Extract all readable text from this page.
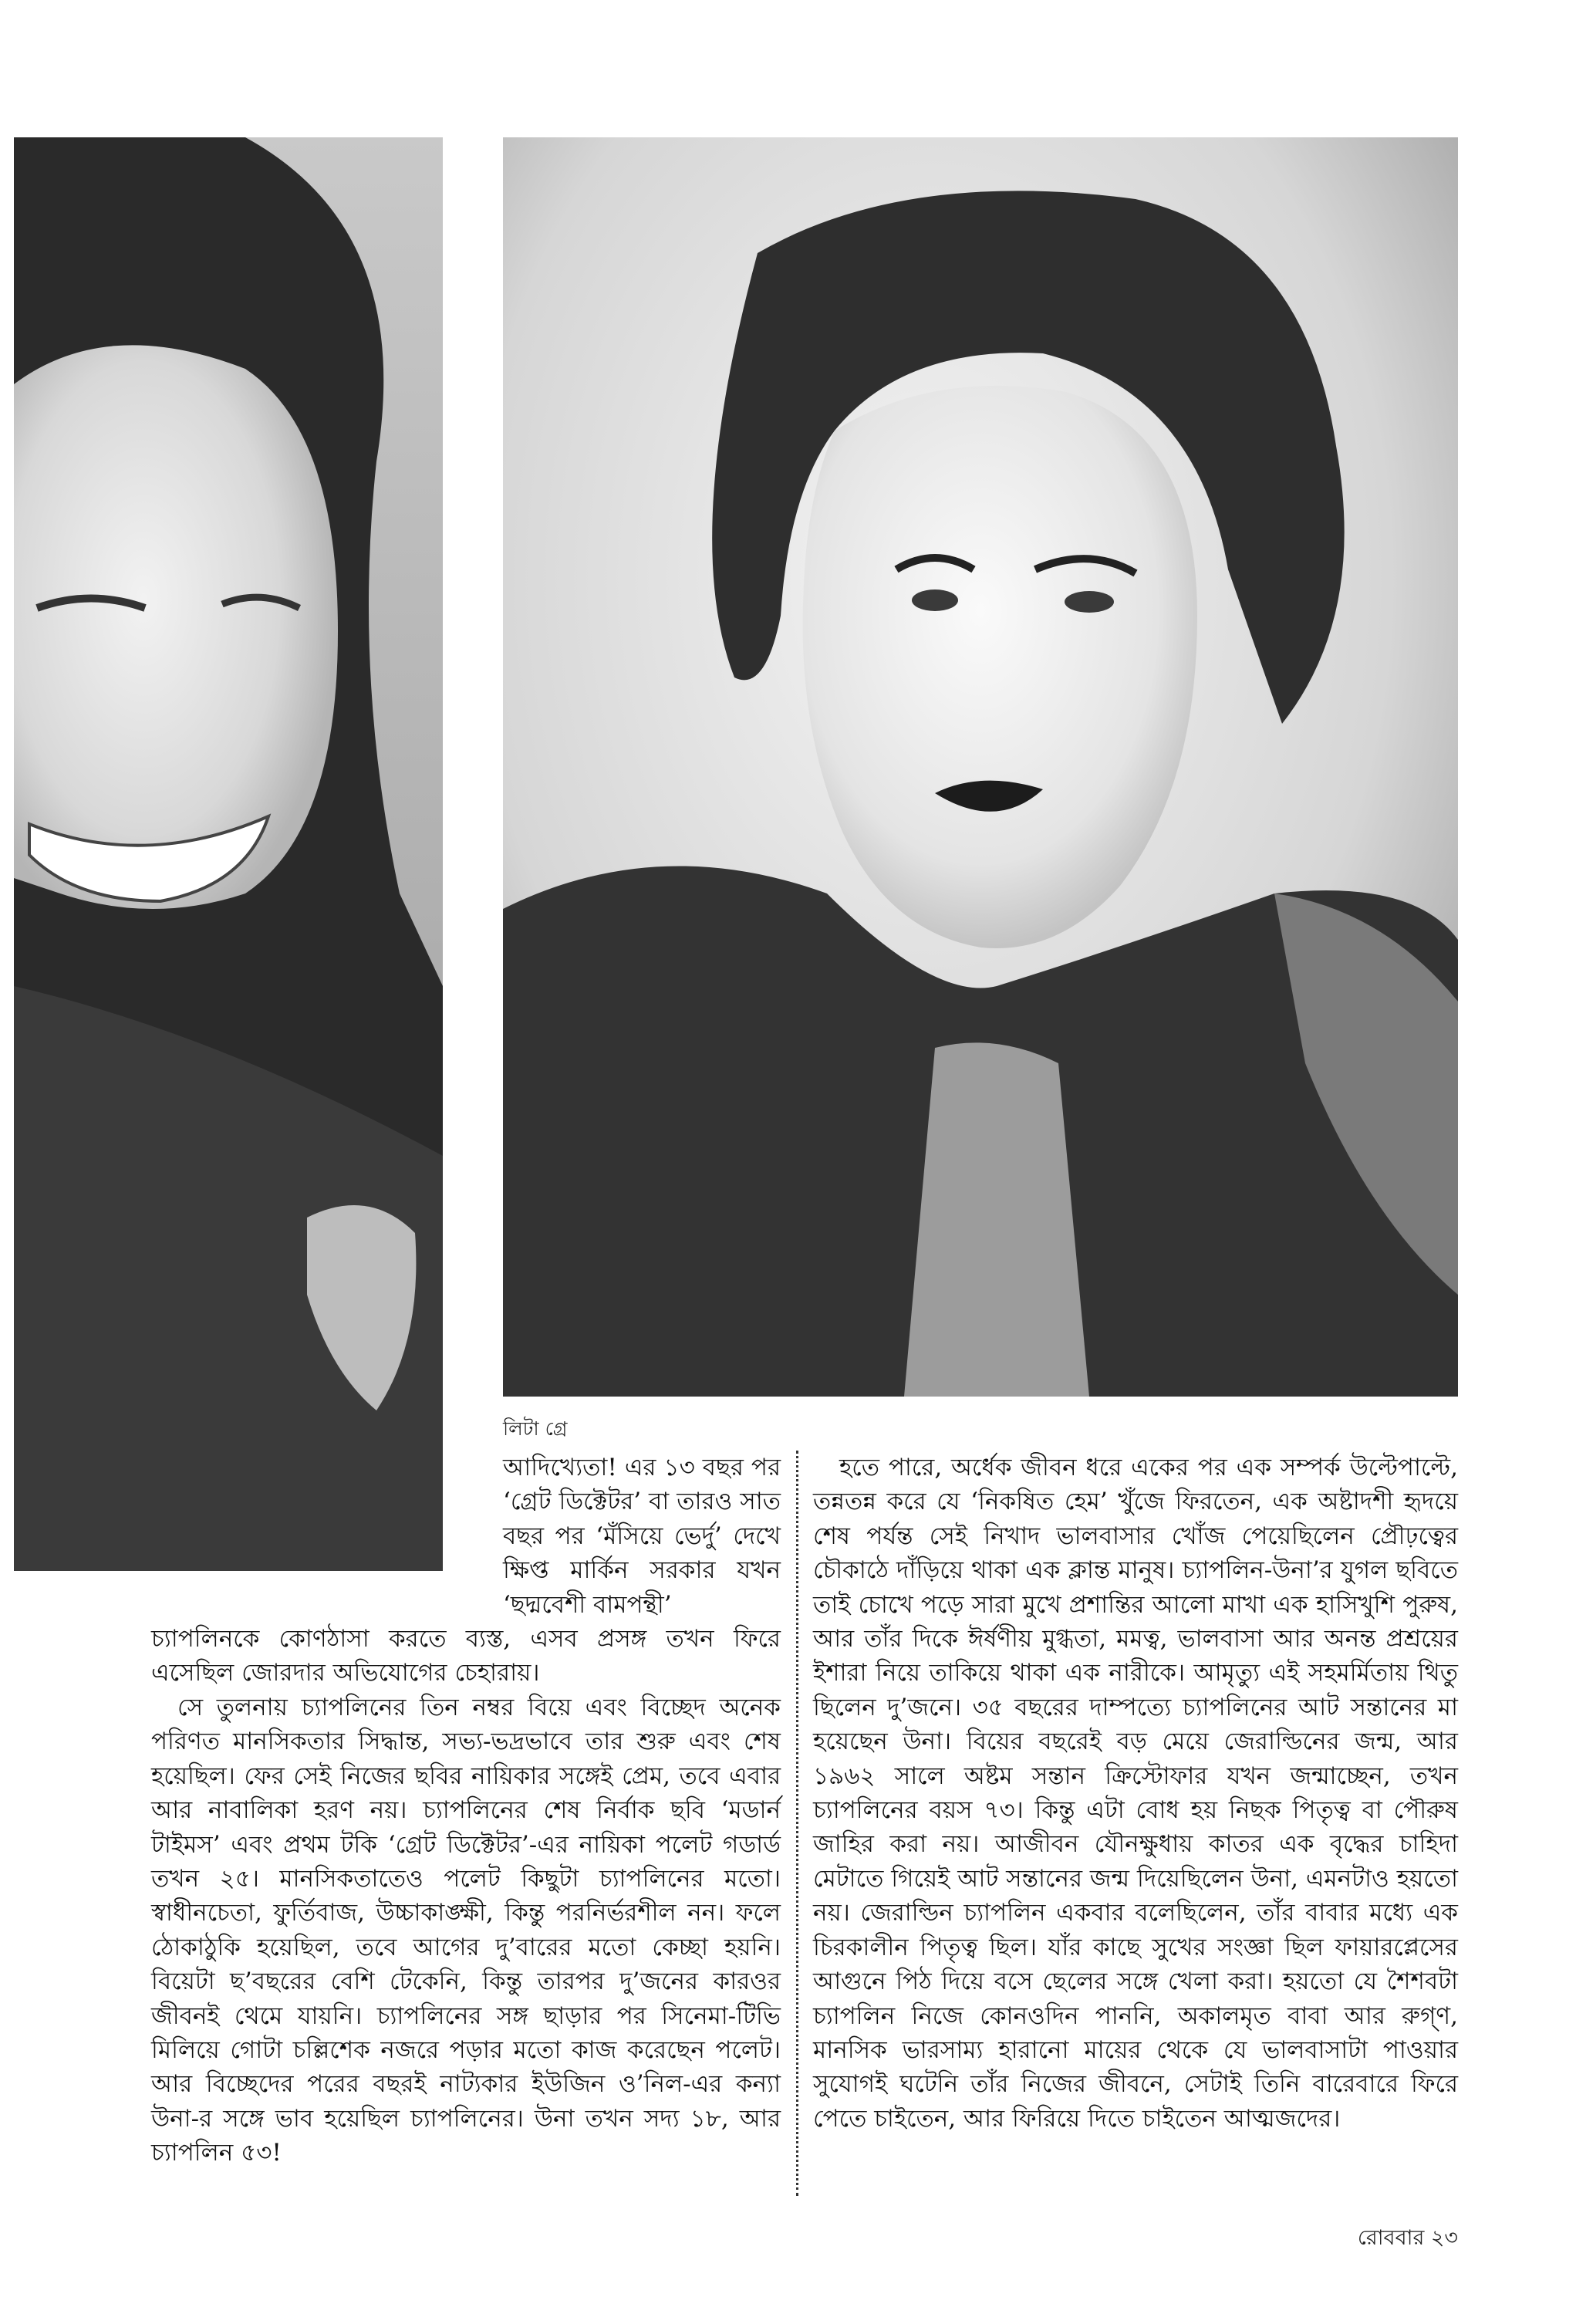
লিটা গ্রে

আদিখ্যেতা! এর ১৩ বছর পর ‘গ্রেট ডিক্টেটর’ বা তারও সাত বছর পর ‘মঁসিয়ে ভের্দু’ দেখে ক্ষিপ্ত মার্কিন সরকার যখন ‘ছদ্মবেশী বামপন্থী’

চ্যাপলিনকে কোণঠাসা করতে ব্যস্ত, এসব প্রসঙ্গ তখন ফিরে এসেছিল জোরদার অভিযোগের চেহারায়।

সে তুলনায় চ্যাপলিনের তিন নম্বর বিয়ে এবং বিচ্ছেদ অনেক পরিণত মানসিকতার সিদ্ধান্ত, সভ্য-ভদ্রভাবে তার শুরু এবং শেষ হয়েছিল। ফের সেই নিজের ছবির নায়িকার সঙ্গেই প্রেম, তবে এবার আর নাবালিকা হরণ নয়। চ্যাপলিনের শেষ নির্বাক ছবি ‘মডার্ন টাইমস’ এবং প্রথম টকি ‘গ্রেট ডিক্টেটর’-এর নায়িকা পলেট গডার্ড তখন ২৫। মানসিকতাতেও পলেট কিছুটা চ্যাপলিনের মতো। স্বাধীনচেতা, ফুর্তিবাজ, উচ্চাকাঙ্ক্ষী, কিন্তু পরনির্ভরশীল নন। ফলে ঠোকাঠুকি হয়েছিল, তবে আগের দু’বারের মতো কেচ্ছা হয়নি। বিয়েটা ছ’বছরের বেশি টেকেনি, কিন্তু তারপর দু’জনের কারওর জীবনই থেমে যায়নি। চ্যাপলিনের সঙ্গ ছাড়ার পর সিনেমা-টিভি মিলিয়ে গোটা চল্লিশেক নজরে পড়ার মতো কাজ করেছেন পলেট। আর বিচ্ছেদের পরের বছরই নাট্যকার ইউজিন ও’নিল-এর কন্যা উনা-র সঙ্গে ভাব হয়েছিল চ্যাপলিনের। উনা তখন সদ্য ১৮, আর চ্যাপলিন ৫৩!

হতে পারে, অর্ধেক জীবন ধরে একের পর এক সম্পর্ক উল্টেপাল্টে, তন্নতন্ন করে যে ‘নিকষিত হেম’ খুঁজে ফিরতেন, এক অষ্টাদশী হৃদয়ে শেষ পর্যন্ত সেই নিখাদ ভালবাসার খোঁজ পেয়েছিলেন প্রৌঢ়ত্বের চৌকাঠে দাঁড়িয়ে থাকা এক ক্লান্ত মানুষ। চ্যাপলিন-উনা’র যুগল ছবিতে তাই চোখে পড়ে সারা মুখে প্রশান্তির আলো মাখা এক হাসিখুশি পুরুষ, আর তাঁর দিকে ঈর্ষণীয় মুগ্ধতা, মমত্ব, ভালবাসা আর অনন্ত প্রশ্রয়ের ইশারা নিয়ে তাকিয়ে থাকা এক নারীকে। আমৃত্যু এই সহমর্মিতায় থিতু ছিলেন দু’জনে। ৩৫ বছরের দাম্পত্যে চ্যাপলিনের আট সন্তানের মা হয়েছেন উনা। বিয়ের বছরেই বড় মেয়ে জেরাল্ডিনের জন্ম, আর ১৯৬২ সালে অষ্টম সন্তান ক্রিস্টোফার যখন জন্মাচ্ছেন, তখন চ্যাপলিনের বয়স ৭৩। কিন্তু এটা বোধ হয় নিছক পিতৃত্ব বা পৌরুষ জাহির করা নয়। আজীবন যৌনক্ষুধায় কাতর এক বৃদ্ধের চাহিদা মেটাতে গিয়েই আট সন্তানের জন্ম দিয়েছিলেন উনা, এমনটাও হয়তো নয়। জেরাল্ডিন চ্যাপলিন একবার বলেছিলেন, তাঁর বাবার মধ্যে এক চিরকালীন পিতৃত্ব ছিল। যাঁর কাছে সুখের সংজ্ঞা ছিল ফায়ারপ্লেসের আগুনে পিঠ দিয়ে বসে ছেলের সঙ্গে খেলা করা। হয়তো যে শৈশবটা চ্যাপলিন নিজে কোনওদিন পাননি, অকালমৃত বাবা আর রুগ্ণ, মানসিক ভারসাম্য হারানো মায়ের থেকে যে ভালবাসাটা পাওয়ার সুযোগই ঘটেনি তাঁর নিজের জীবনে, সেটাই তিনি বারেবারে ফিরে পেতে চাইতেন, আর ফিরিয়ে দিতে চাইতেন আত্মজদের।

রোববার ২৩
